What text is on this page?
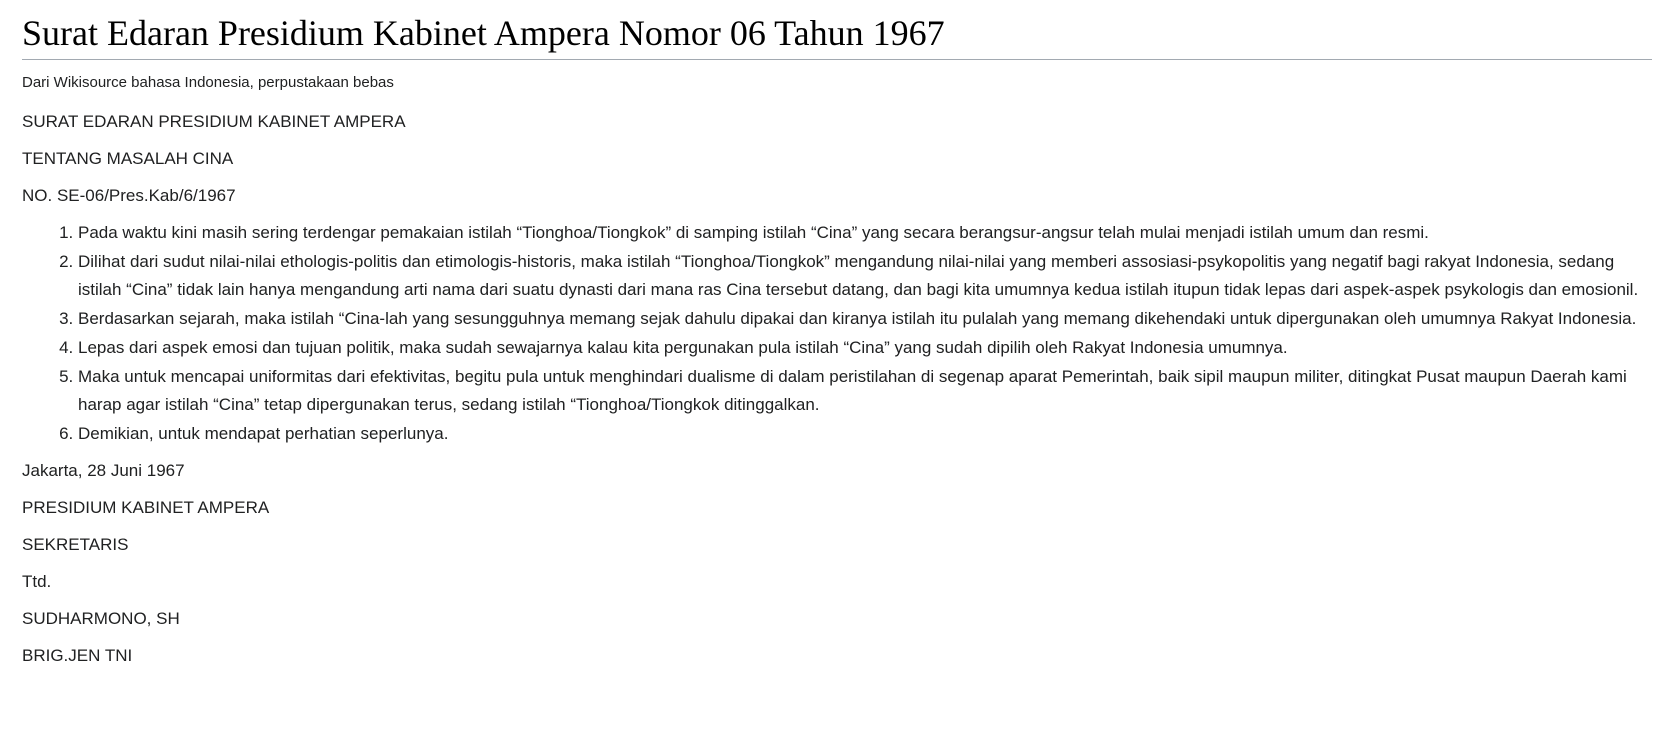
Surat Edaran Presidium Kabinet Ampera Nomor 06 Tahun 1967
Dari Wikisource bahasa Indonesia, perpustakaan bebas

SURAT EDARAN PRESIDIUM KABINET AMPERA

TENTANG MASALAH CINA

NO. SE-06/Pres.Kab/6/1967

1. Pada waktu kini masih sering terdengar pemakaian istilah “Tionghoa/Tiongkok” di samping istilah “Cina” yang secara berangsur-angsur telah mulai menjadi istilah umum dan resmi.
2. Dilihat dari sudut nilai-nilai ethologis-politis dan etimologis-historis, maka istilah “Tionghoa/Tiongkok” mengandung nilai-nilai yang memberi assosiasi-psykopolitis yang negatif bagi rakyat Indonesia, sedang istilah “Cina” tidak lain hanya mengandung arti nama dari suatu dynasti dari mana ras Cina tersebut datang, dan bagi kita umumnya kedua istilah itupun tidak lepas dari aspek-aspek psykologis dan emosionil.
3. Berdasarkan sejarah, maka istilah “Cina-lah yang sesungguhnya memang sejak dahulu dipakai dan kiranya istilah itu pulalah yang memang dikehendaki untuk dipergunakan oleh umumnya Rakyat Indonesia.
4. Lepas dari aspek emosi dan tujuan politik, maka sudah sewajarnya kalau kita pergunakan pula istilah “Cina” yang sudah dipilih oleh Rakyat Indonesia umumnya.
5. Maka untuk mencapai uniformitas dari efektivitas, begitu pula untuk menghindari dualisme di dalam peristilahan di segenap aparat Pemerintah, baik sipil maupun militer, ditingkat Pusat maupun Daerah kami harap agar istilah “Cina” tetap dipergunakan terus, sedang istilah “Tionghoa/Tiongkok ditinggalkan.
6. Demikian, untuk mendapat perhatian seperlunya.

Jakarta, 28 Juni 1967

PRESIDIUM KABINET AMPERA

SEKRETARIS

Ttd.

SUDHARMONO, SH

BRIG.JEN TNI
